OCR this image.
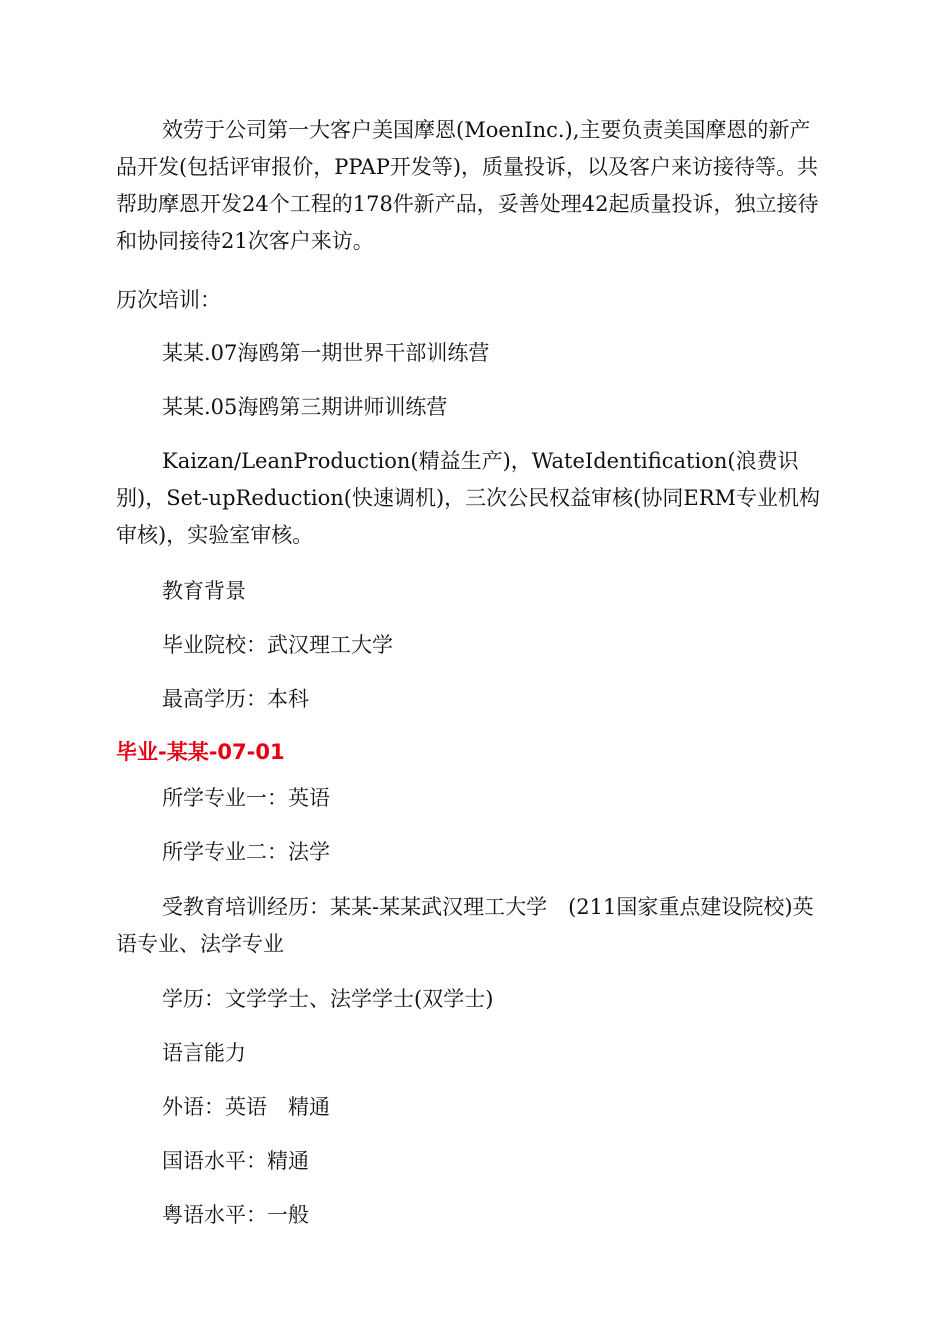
效劳于公司第一大客户美国摩恩(MoenInc.),主要负责美国摩恩的新产品开发(包括评审报价，PPAP开发等)，质量投诉，以及客户来访接待等。共帮助摩恩开发24个工程的178件新产品，妥善处理42起质量投诉，独立接待和协同接待21次客户来访。

历次培训：

某某.07海鸥第一期世界干部训练营

某某.05海鸥第三期讲师训练营

Kaizan/LeanProduction(精益生产)，WateIdentification(浪费识别)，Set-upReduction(快速调机)，三次公民权益审核(协同ERM专业机构审核)，实验室审核。

教育背景

毕业院校：武汉理工大学

最高学历：本科

毕业-某某-07-01

所学专业一：英语

所学专业二：法学

受教育培训经历：某某-某某武汉理工大学　(211国家重点建设院校)英语专业、法学专业

学历：文学学士、法学学士(双学士)

语言能力

外语：英语　精通

国语水平：精通

粤语水平：一般
